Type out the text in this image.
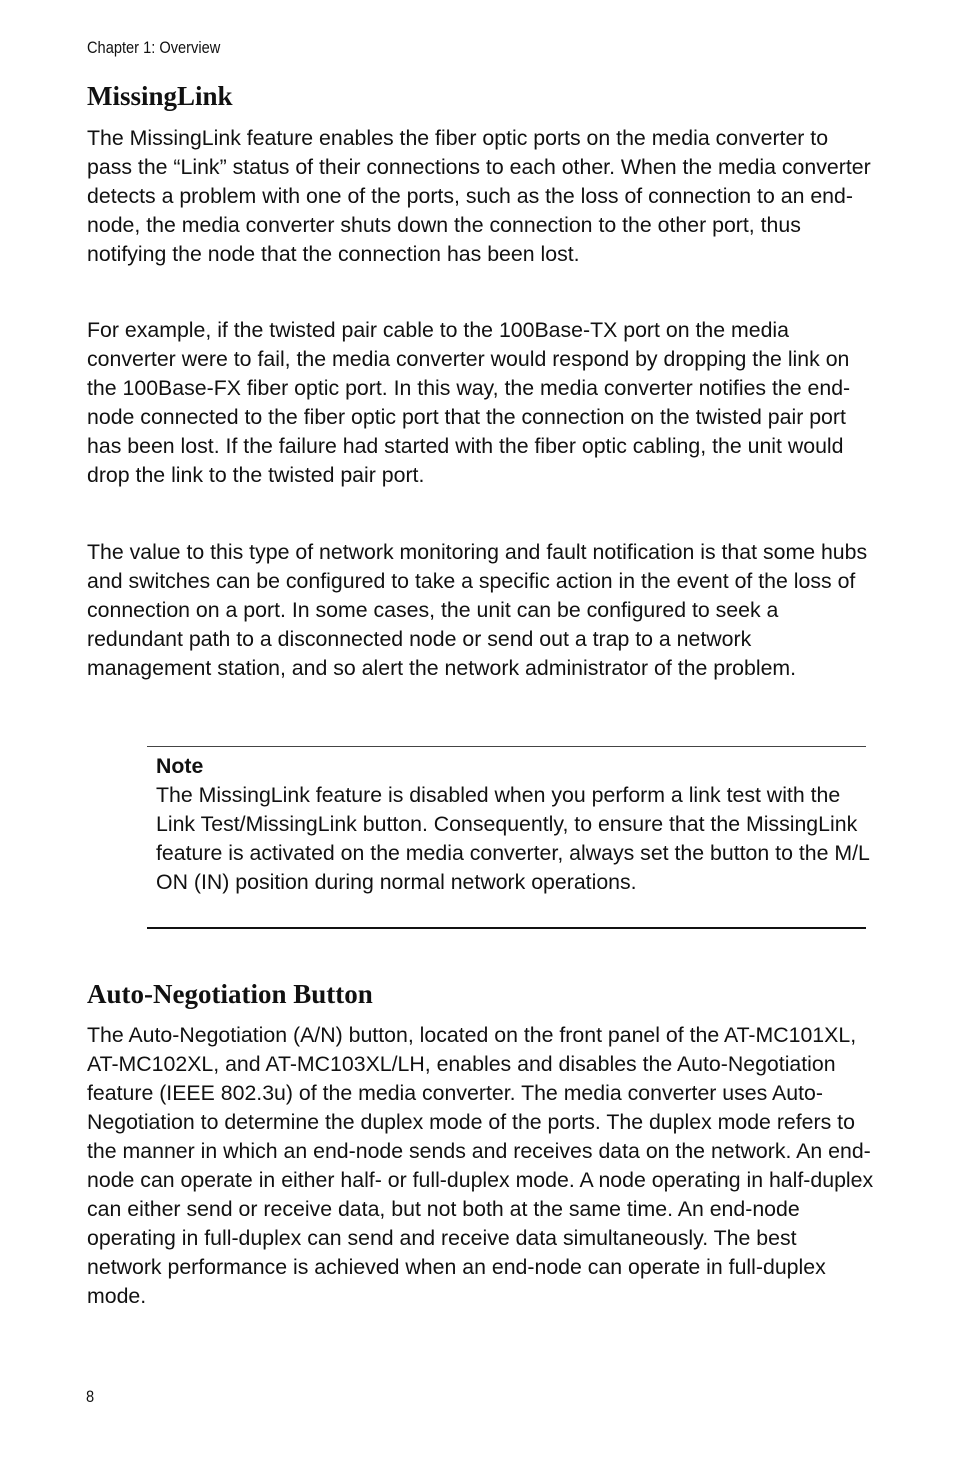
Chapter 1: Overview
MissingLink

The MissingLink feature enables the fiber optic ports on the media converter to pass the “Link” status of their connections to each other. When the media converter detects a problem with one of the ports, such as the loss of connection to an end-node, the media converter shuts down the connection to the other port, thus notifying the node that the connection has been lost.

For example, if the twisted pair cable to the 100Base-TX port on the media converter were to fail, the media converter would respond by dropping the link on the 100Base-FX fiber optic port. In this way, the media converter notifies the end-node connected to the fiber optic port that the connection on the twisted pair port has been lost. If the failure had started with the fiber optic cabling, the unit would drop the link to the twisted pair port.

The value to this type of network monitoring and fault notification is that some hubs and switches can be configured to take a specific action in the event of the loss of connection on a port. In some cases, the unit can be configured to seek a redundant path to a disconnected node or send out a trap to a network management station, and so alert the network administrator of the problem.

Note

The MissingLink feature is disabled when you perform a link test with the Link Test/MissingLink button. Consequently, to ensure that the MissingLink feature is activated on the media converter, always set the button to the M/L ON (IN) position during normal network operations.

Auto-Negotiation Button

The Auto-Negotiation (A/N) button, located on the front panel of the AT-MC101XL, AT-MC102XL, and AT-MC103XL/LH, enables and disables the Auto-Negotiation feature (IEEE 802.3u) of the media converter. The media converter uses Auto-Negotiation to determine the duplex mode of the ports. The duplex mode refers to the manner in which an end-node sends and receives data on the network. An end-node can operate in either half- or full-duplex mode. A node operating in half-duplex can either send or receive data, but not both at the same time. An end-node operating in full-duplex can send and receive data simultaneously. The best network performance is achieved when an end-node can operate in full-duplex mode.

8
